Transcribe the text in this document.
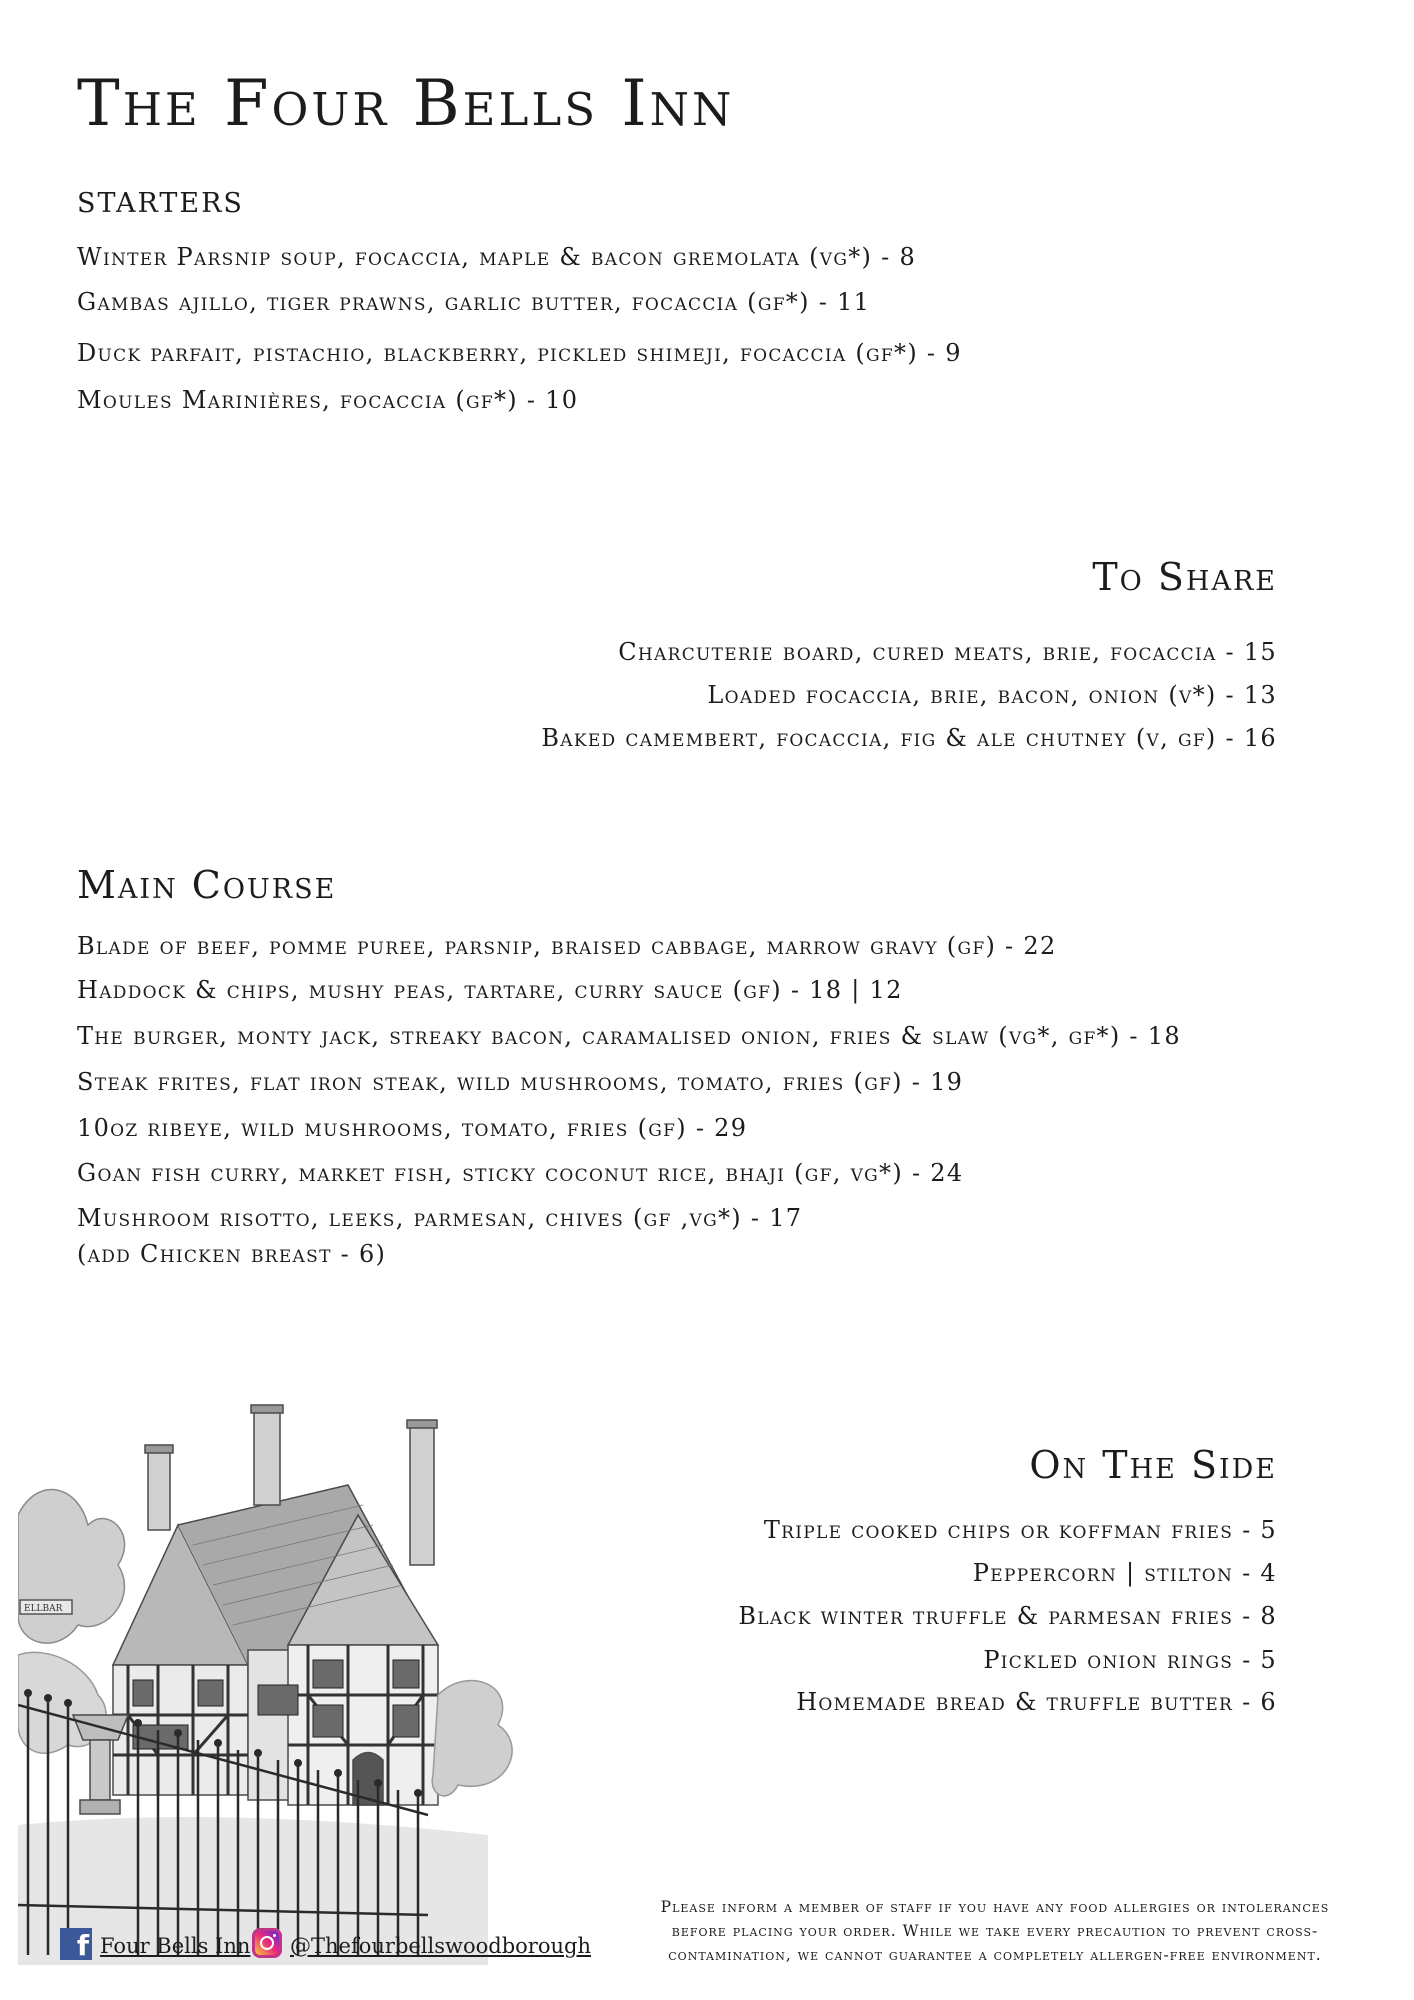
The Four Bells Inn
starters
Winter Parsnip soup, focaccia, maple & bacon gremolata (vg*) - 8
Gambas ajillo, tiger prawns, garlic butter, focaccia (gf*) - 11
Duck parfait, pistachio, blackberry, pickled shimeji, focaccia (gf*) - 9
Moules Marinières, focaccia (gf*) - 10
To Share
Charcuterie board, cured meats, brie, focaccia - 15
Loaded focaccia, brie, bacon, onion (v*) - 13
Baked camembert, focaccia, fig & ale chutney (v, gf) - 16
Main Course
Blade of beef, pomme puree, parsnip, braised cabbage, marrow gravy (gf) - 22
Haddock & chips, mushy peas, tartare, curry sauce (gf) - 18 | 12
The burger, monty jack, streaky bacon, caramalised onion, fries & slaw (vg*, gf*) - 18
Steak frites, flat iron steak, wild mushrooms, tomato, fries (gf) - 19
10oz ribeye, wild mushrooms, tomato, fries (gf) - 29
Goan fish curry, market fish, sticky coconut rice, bhaji (gf, vg*) - 24
Mushroom risotto, leeks, parmesan, chives (gf ,vg*) - 17
(add Chicken breast - 6)
On The Side
Triple cooked chips or koffman fries - 5
Peppercorn | stilton - 4
Black winter truffle & parmesan fries - 8
Pickled onion rings - 5
Homemade bread & truffle butter - 6
ELLBAR
f Four Bells Inn @Thefourbellswoodborough
Please inform a member of staff if you have any food allergies or intolerances
before placing your order. While we take every precaution to prevent cross-
contamination, we cannot guarantee a completely allergen-free environment.
